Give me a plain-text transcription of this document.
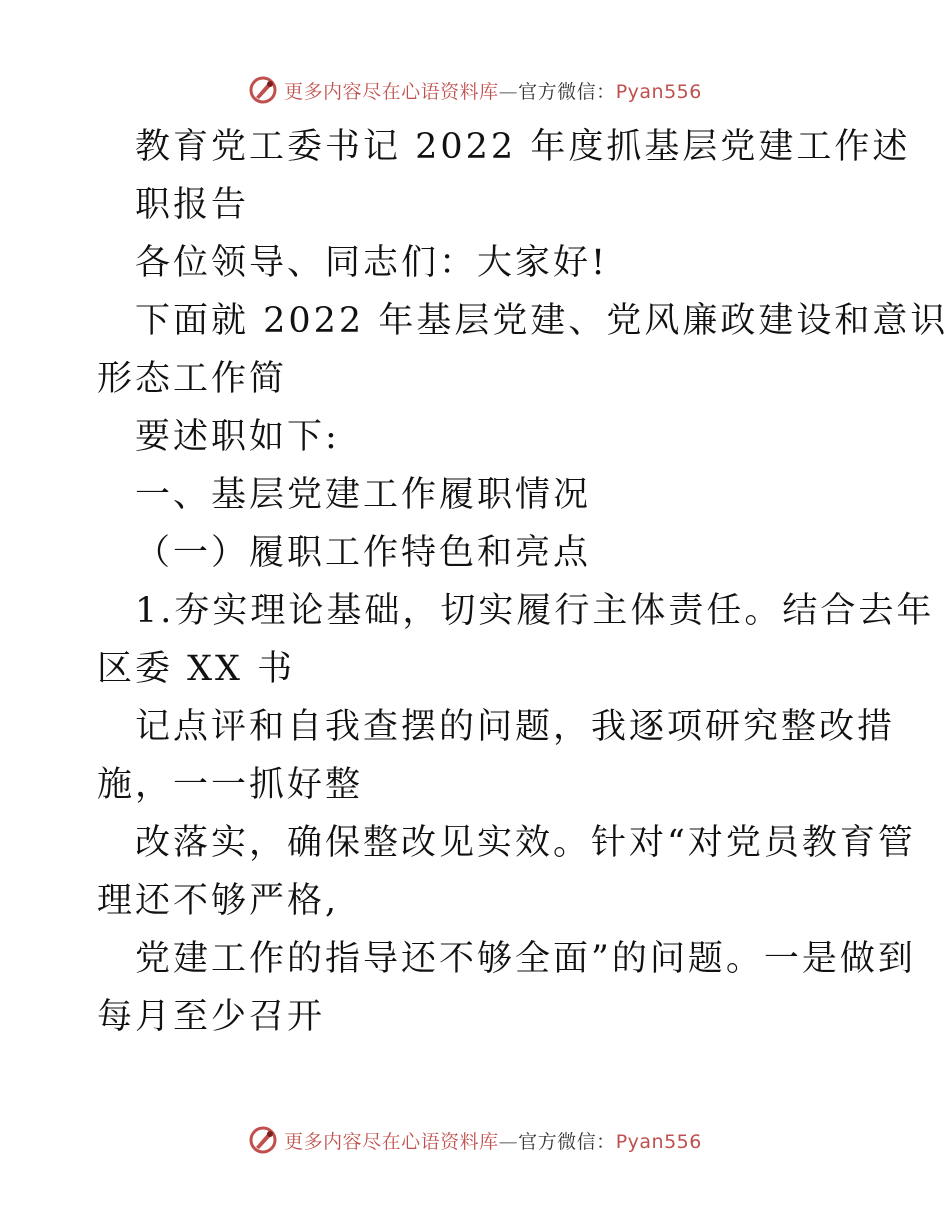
更多内容尽在心语资料库—官方微信：Pyan556
教育党工委书记 2022 年度抓基层党建工作述
职报告
各位领导、同志们：大家好!
下面就 2022 年基层党建、党风廉政建设和意识
形态工作简
要述职如下:
一、基层党建工作履职情况
（一）履职工作特色和亮点
1.夯实理论基础，切实履行主体责任。结合去年
区委 XX 书
记点评和自我查摆的问题，我逐项研究整改措
施，一一抓好整
改落实，确保整改见实效。针对“对党员教育管
理还不够严格,
党建工作的指导还不够全面”的问题。一是做到
每月至少召开
更多内容尽在心语资料库—官方微信：Pyan556
